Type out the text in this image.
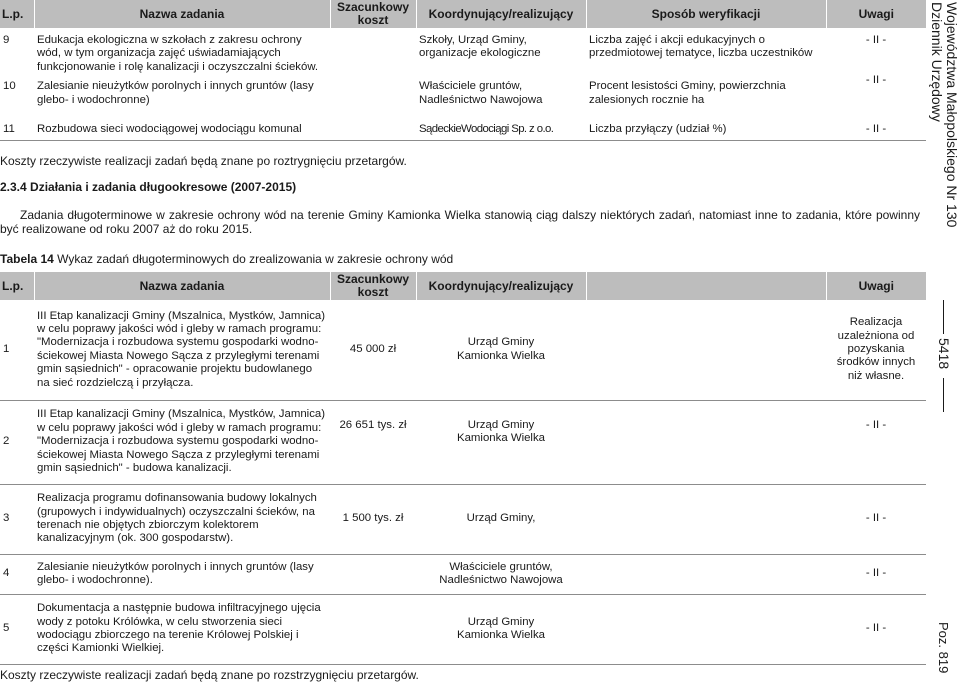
L.p.	Nazwa zadania	Szacunkowy koszt	Koordynujący/realizujący	Sposób weryfikacji	Uwagi

9	Edukacja ekologiczna w szkołach z zakresu ochrony wód, w tym organizacja zajęć uświadamiających funkcjonowanie i rolę kanalizacji i oczyszczalni ścieków.		Szkoły, Urząd Gminy, organizacje ekologiczne	Liczba zajęć i akcji edukacyjnych o przedmiotowej tematyce, liczba uczestników	- II -
10	Zalesianie nieużytków porolnych i innych gruntów (lasy glebo- i wodochronne)		Właściciele gruntów, Nadleśnictwo Nawojowa	Procent lesistości Gminy, powierzchnia zalesionych rocznie ha	- II -
11	Rozbudowa sieci wodociągowej wodociągu komunal		SądeckieWodociągi Sp. z o.o.	Liczba przyłączy (udział %)	- II -
Koszty rzeczywiste realizacji zadań będą znane po roztrygnięciu przetargów.
2.3.4 Działania i zadania długookresowe (2007-2015)
Zadania długoterminowe w zakresie ochrony wód na terenie Gminy Kamionka Wielka stanowią ciąg dalszy niektórych zadań, natomiast inne to zadania, które powinny być realizowane od roku 2007 aż do roku 2015.
Tabela 14 Wykaz zadań długoterminowych do zrealizowania w zakresie ochrony wód
L.p.	Nazwa zadania	Szacunkowy koszt	Koordynujący/realizujący		Uwagi
1	III Etap kanalizacji Gminy (Mszalnica, Mystków, Jamnica) w celu poprawy jakości wód i gleby w ramach programu: "Modernizacja i rozbudowa systemu gospodarki wodno-ściekowej Miasta Nowego Sącza z przyległymi terenami gmin sąsiednich" - opracowanie projektu budowlanego na sieć rozdzielczą i przyłącza.	45 000 zł	Urząd Gminy Kamionka Wielka		Realizacja uzależniona od pozyskania środków innych niż własne.
2	III Etap kanalizacji Gminy (Mszalnica, Mystków, Jamnica) w celu poprawy jakości wód i gleby w ramach programu: "Modernizacja i rozbudowa systemu gospodarki wodno-ściekowej Miasta Nowego Sącza z przyległymi terenami gmin sąsiednich" - budowa kanalizacji.	26 651 tys. zł	Urząd Gminy Kamionka Wielka		- II -
3	Realizacja programu dofinansowania budowy lokalnych (grupowych i indywidualnych) oczyszczalni ścieków, na terenach nie objętych zbiorczym kolektorem kanalizacyjnym (ok. 300 gospodarstw).	1 500 tys. zł	Urząd Gminy,		- II -
4	Zalesianie nieużytków porolnych i innych gruntów (lasy glebo- i wodochronne).		Właściciele gruntów, Nadleśnictwo Nawojowa		- II -
5	Dokumentacja a następnie budowa infiltracyjnego ujęcia wody z potoku Królówka, w celu stworzenia sieci wodociągu zbiorczego na terenie Królowej Polskiej i części Kamionki Wielkiej.		Urząd Gminy Kamionka Wielka		- II -
Koszty rzeczywiste realizacji zadań będą znane po rozstrzygnięciu przetargów.
Dziennik Urzędowy Województwa Małopolskiego Nr 130
5418
Poz. 819
